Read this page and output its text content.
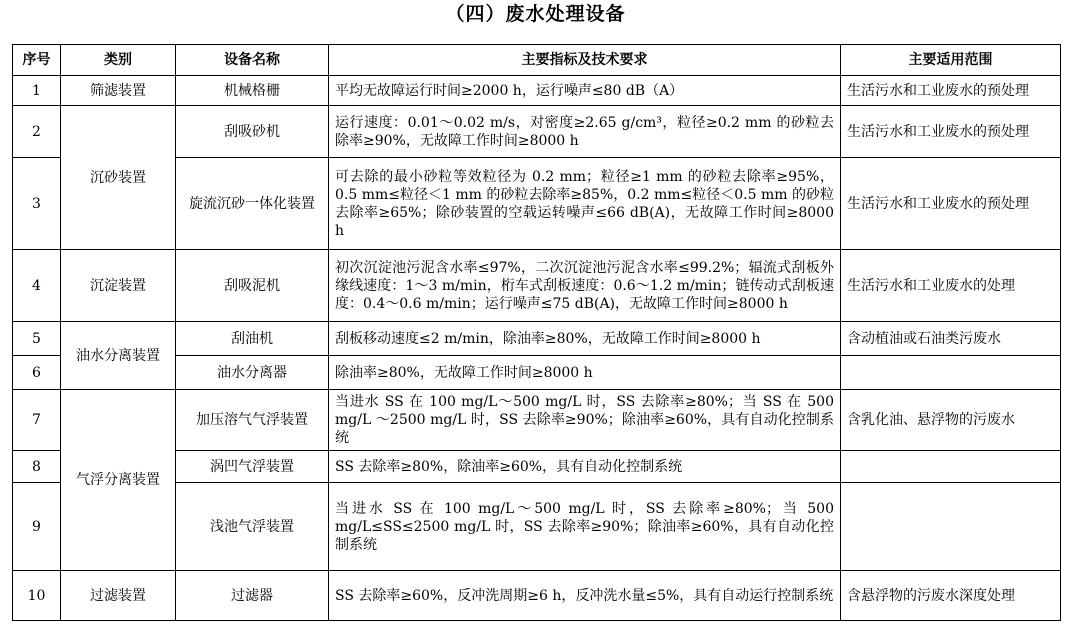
（四）废水处理设备
序号	类别	设备名称	主要指标及技术要求	主要适用范围
1	筛滤装置	机械格栅	平均无故障运行时间≥2000 h，运行噪声≤80 dB（A）	生活污水和工业废水的预处理
2	沉砂装置	刮吸砂机	运行速度：0.01～0.02 m/s，对密度≥2.65 g/cm³，粒径≥0.2 mm 的砂粒去除率≥90%，无故障工作时间≥8000 h	生活污水和工业废水的预处理
3		旋流沉砂一体化装置	可去除的最小砂粒等效粒径为 0.2 mm；粒径≥1 mm 的砂粒去除率≥95%，0.5 mm≤粒径＜1 mm 的砂粒去除率≥85%，0.2 mm≤粒径＜0.5 mm 的砂粒去除率≥65%；除砂装置的空载运转噪声≤66 dB(A)，无故障工作时间≥8000 h	生活污水和工业废水的预处理
4	沉淀装置	刮吸泥机	初次沉淀池污泥含水率≤97%，二次沉淀池污泥含水率≤99.2%；辐流式刮板外缘线速度：1～3 m/min，桁车式刮板速度：0.6～1.2 m/min；链传动式刮板速度：0.4～0.6 m/min；运行噪声≤75 dB(A)，无故障工作时间≥8000 h	生活污水和工业废水的处理
5	油水分离装置	刮油机	刮板移动速度≤2 m/min，除油率≥80%，无故障工作时间≥8000 h	含动植油或石油类污废水
6		油水分离器	除油率≥80%，无故障工作时间≥8000 h	
7	气浮分离装置	加压溶气气浮装置	当进水 SS 在 100 mg/L～500 mg/L 时，SS 去除率≥80%；当 SS 在 500 mg/L ～2500 mg/L 时，SS 去除率≥90%；除油率≥60%，具有自动化控制系统	含乳化油、悬浮物的污废水
8		涡凹气浮装置	SS 去除率≥80%，除油率≥60%，具有自动化控制系统	
9		浅池气浮装置	当进水 SS 在 100 mg/L～500 mg/L 时，SS 去除率≥80%；当 500 mg/L≤SS≤2500 mg/L 时，SS 去除率≥90%；除油率≥60%，具有自动化控制系统	
10	过滤装置	过滤器	SS 去除率≥60%，反冲洗周期≥6 h，反冲洗水量≤5%，具有自动运行控制系统	含悬浮物的污废水深度处理
